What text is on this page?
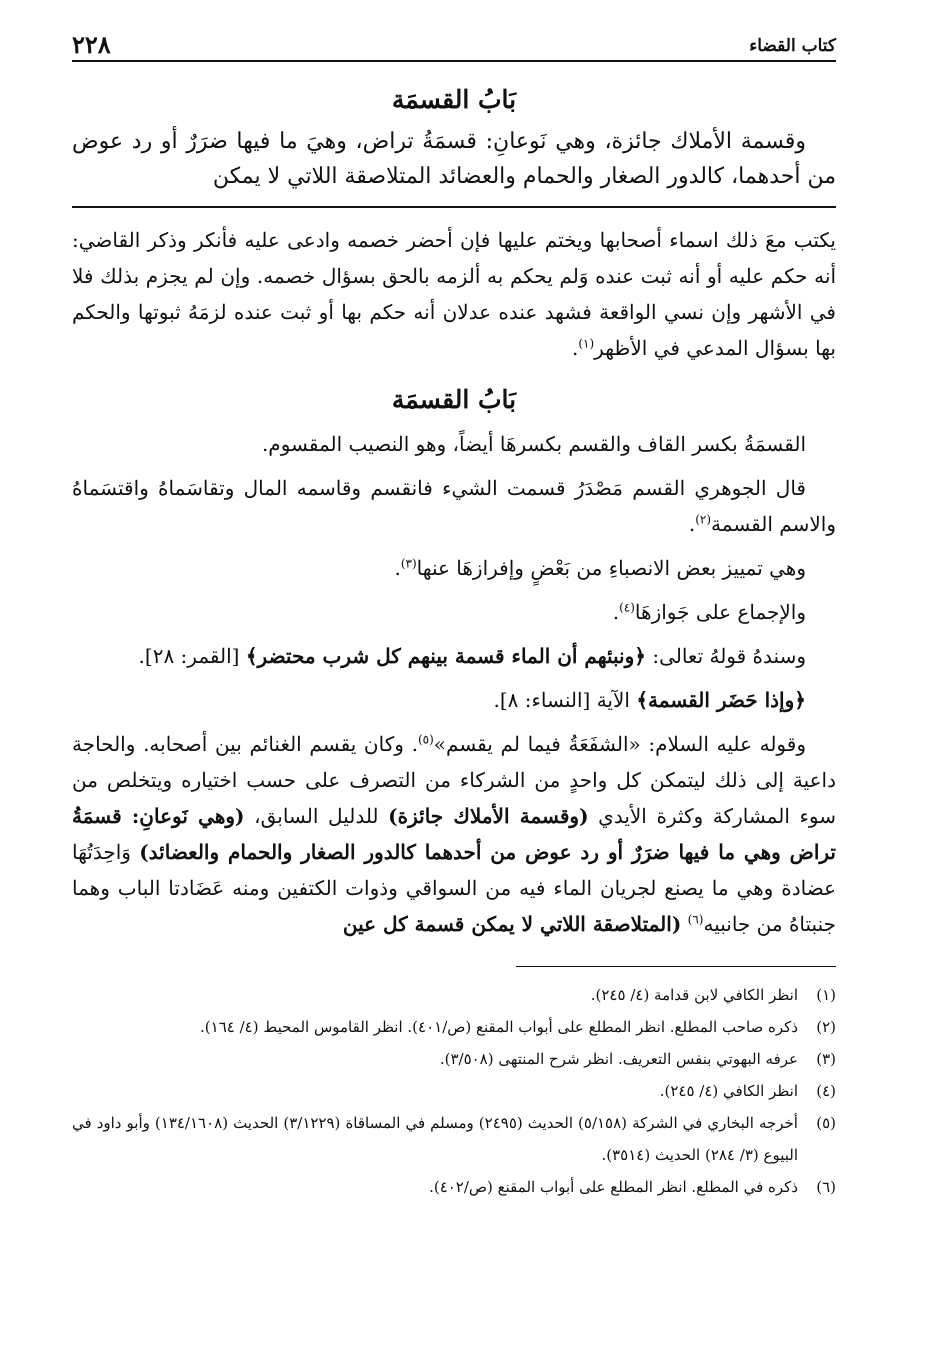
كتاب القضاء
٢٢٨
بَابُ القسمَة

وقسمة الأملاك جائزة، وهي نَوعانِ: قسمَةُ تراض، وهيَ ما فيها ضرَرٌ أو رد عوض من أحدهما، كالدور الصغار والحمام والعضائد المتلاصقة اللاتي لا يمكن

يكتب معَ ذلك اسماء أصحابها ويختم عليها فإن أحضر خصمه وادعى عليه فأنكر وذكر القاضي: أنه حكم عليه أو أنه ثبت عنده وَلم يحكم به ألزمه بالحق بسؤال خصمه. وإن لم يجزم بذلك فلا في الأشهر وإن نسي الواقعة فشهد عنده عدلان أنه حكم بها أو ثبت عنده لزمَهُ ثبوتها والحكم بها بسؤال المدعي في الأظهر$^{(١)}$.

بَابُ القسمَة

القسمَةُ بكسر القاف والقسم بكسرهَا أيضاً، وهو النصيب المقسوم.

قال الجوهري القسم مَصْدَرُ قسمت الشيء فانقسم وقاسمه المال وتقاسَماهُ واقتسَماهُ والاسم القسمة$^{(٢)}$.

وهي تمييز بعض الانصباءِ من بَعْضٍ وإفرازهَا عنها$^{(٣)}$.

والإجماع على جَوازهَا$^{(٤)}$.

وسندهُ قولهُ تعالى: ﴿ونبئهم أن الماء قسمة بينهم كل شرب محتضر﴾ [القمر: ٢٨].

﴿وإذا حَضَر القسمة﴾ الآية [النساء: ٨].

وقوله عليه السلام: «الشفَعَةُ فيما لم يقسم»$^{(٥)}$. وكان يقسم الغنائم بين أصحابه. والحاجة داعية إلى ذلك ليتمكن كل واحدٍ من الشركاء من التصرف على حسب اختياره ويتخلص من سوء المشاركة وكثرة الأيدي (وقسمة الأملاك جائزة) للدليل السابق، (وهي نَوعانِ: قسمَةُ تراض وهي ما فيها ضرَرٌ أو رد عوض من أحدهما كالدور الصغار والحمام والعضائد) وَاحِدَتُهَا عضادة وهي ما يصنع لجريان الماء فيه من السواقي وذوات الكتفين ومنه عَضَادتا الباب وهما جنبتاهُ من جانبيه$^{(٦)}$ (المتلاصقة اللاتي لا يمكن قسمة كل عين

(١)
انظر الكافي لابن قدامة (٤/ ٢٤٥).
(٢)
ذكره صاحب المطلع. انظر المطلع على أبواب المقنع (ص/٤٠١). انظر القاموس المحيط (٤/ ١٦٤).
(٣)
عرفه البهوتي بنفس التعريف. انظر شرح المنتهى (٣/٥٠٨).
(٤)
انظر الكافي (٤/ ٢٤٥).
(٥)
أخرجه البخاري في الشركة (٥/١٥٨) الحديث (٢٤٩٥) ومسلم في المساقاة (٣/١٢٢٩) الحديث (١٣٤/١٦٠٨) وأبو داود في البيوع (٣/ ٢٨٤) الحديث (٣٥١٤).
(٦)
ذكره في المطلع. انظر المطلع على أبواب المقنع (ص/٤٠٢).
